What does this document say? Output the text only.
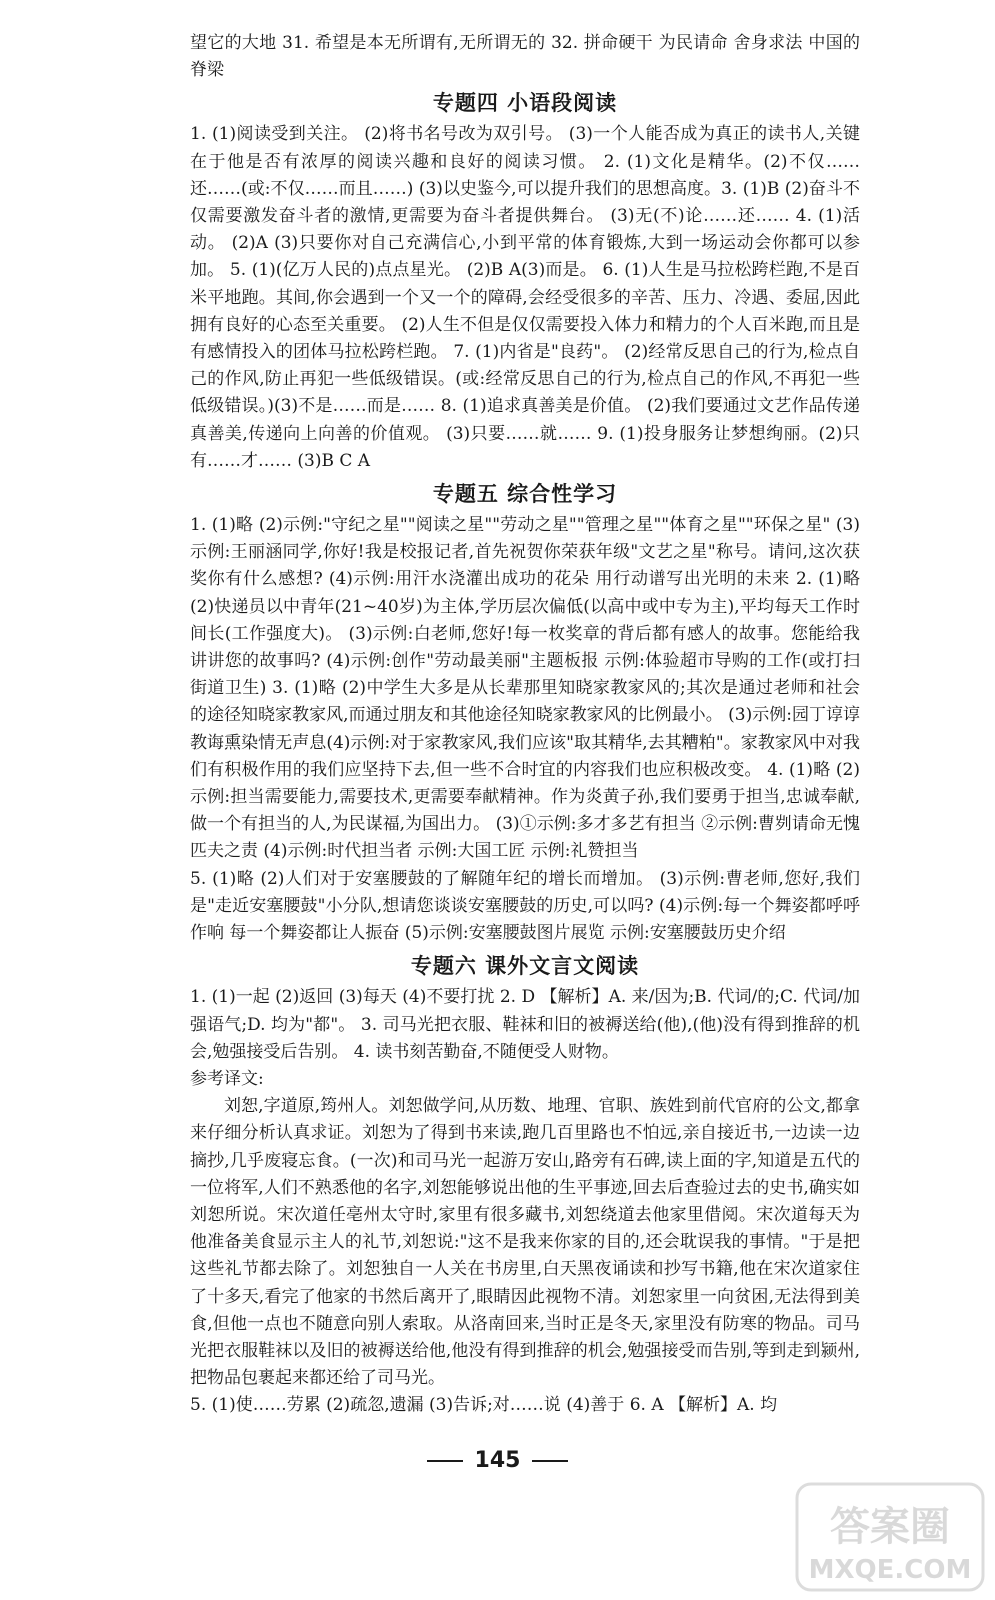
望它的大地 31. 希望是本无所谓有,无所谓无的 32. 拼命硬干 为民请命 舍身求法 中国的脊梁

专题四 小语段阅读

1. (1)阅读受到关注。 (2)将书名号改为双引号。 (3)一个人能否成为真正的读书人,关键在于他是否有浓厚的阅读兴趣和良好的阅读习惯。 2. (1)文化是精华。(2)不仅……还……(或:不仅……而且……) (3)以史鉴今,可以提升我们的思想高度。3. (1)B (2)奋斗不仅需要激发奋斗者的激情,更需要为奋斗者提供舞台。 (3)无(不)论……还…… 4. (1)活动。 (2)A (3)只要你对自己充满信心,小到平常的体育锻炼,大到一场运动会你都可以参加。 5. (1)(亿万人民的)点点星光。 (2)B A(3)而是。 6. (1)人生是马拉松跨栏跑,不是百米平地跑。其间,你会遇到一个又一个的障碍,会经受很多的辛苦、压力、冷遇、委屈,因此拥有良好的心态至关重要。 (2)人生不但是仅仅需要投入体力和精力的个人百米跑,而且是有感情投入的团体马拉松跨栏跑。 7. (1)内省是"良药"。 (2)经常反思自己的行为,检点自己的作风,防止再犯一些低级错误。(或:经常反思自己的行为,检点自己的作风,不再犯一些低级错误。)(3)不是……而是…… 8. (1)追求真善美是价值。 (2)我们要通过文艺作品传递真善美,传递向上向善的价值观。 (3)只要……就…… 9. (1)投身服务让梦想绚丽。(2)只有……才…… (3)B C A

专题五 综合性学习

1. (1)略 (2)示例:"守纪之星""阅读之星""劳动之星""管理之星""体育之星""环保之星" (3)示例:王丽涵同学,你好!我是校报记者,首先祝贺你荣获年级"文艺之星"称号。请问,这次获奖你有什么感想? (4)示例:用汗水浇灌出成功的花朵 用行动谱写出光明的未来 2. (1)略 (2)快递员以中青年(21~40岁)为主体,学历层次偏低(以高中或中专为主),平均每天工作时间长(工作强度大)。 (3)示例:白老师,您好!每一枚奖章的背后都有感人的故事。您能给我讲讲您的故事吗? (4)示例:创作"劳动最美丽"主题板报 示例:体验超市导购的工作(或打扫街道卫生) 3. (1)略 (2)中学生大多是从长辈那里知晓家教家风的;其次是通过老师和社会的途径知晓家教家风,而通过朋友和其他途径知晓家教家风的比例最小。 (3)示例:园丁谆谆教诲熏染情无声息(4)示例:对于家教家风,我们应该"取其精华,去其糟粕"。家教家风中对我们有积极作用的我们应坚持下去,但一些不合时宜的内容我们也应积极改变。 4. (1)略 (2)示例:担当需要能力,需要技术,更需要奉献精神。作为炎黄子孙,我们要勇于担当,忠诚奉献,做一个有担当的人,为民谋福,为国出力。 (3)①示例:多才多艺有担当 ②示例:曹刿请命无愧匹夫之责 (4)示例:时代担当者 示例:大国工匠 示例:礼赞担当

5. (1)略 (2)人们对于安塞腰鼓的了解随年纪的增长而增加。 (3)示例:曹老师,您好,我们是"走近安塞腰鼓"小分队,想请您谈谈安塞腰鼓的历史,可以吗? (4)示例:每一个舞姿都呼呼作响 每一个舞姿都让人振奋 (5)示例:安塞腰鼓图片展览 示例:安塞腰鼓历史介绍

专题六 课外文言文阅读

1. (1)一起 (2)返回 (3)每天 (4)不要打扰 2. D 【解析】A. 来/因为;B. 代词/的;C. 代词/加强语气;D. 均为"都"。 3. 司马光把衣服、鞋袜和旧的被褥送给(他),(他)没有得到推辞的机会,勉强接受后告别。 4. 读书刻苦勤奋,不随便受人财物。

参考译文:

刘恕,字道原,筠州人。刘恕做学问,从历数、地理、官职、族姓到前代官府的公文,都拿来仔细分析认真求证。刘恕为了得到书来读,跑几百里路也不怕远,亲自接近书,一边读一边摘抄,几乎废寝忘食。(一次)和司马光一起游万安山,路旁有石碑,读上面的字,知道是五代的一位将军,人们不熟悉他的名字,刘恕能够说出他的生平事迹,回去后查验过去的史书,确实如刘恕所说。宋次道任亳州太守时,家里有很多藏书,刘恕绕道去他家里借阅。宋次道每天为他准备美食显示主人的礼节,刘恕说:"这不是我来你家的目的,还会耽误我的事情。"于是把这些礼节都去除了。刘恕独自一人关在书房里,白天黑夜诵读和抄写书籍,他在宋次道家住了十多天,看完了他家的书然后离开了,眼睛因此视物不清。刘恕家里一向贫困,无法得到美食,但他一点也不随意向别人索取。从洛南回来,当时正是冬天,家里没有防寒的物品。司马光把衣服鞋袜以及旧的被褥送给他,他没有得到推辞的机会,勉强接受而告别,等到走到颍州,把物品包裹起来都还给了司马光。

5. (1)使……劳累 (2)疏忽,遗漏 (3)告诉;对……说 (4)善于 6. A 【解析】A. 均

145
答案圈
MXQE.COM
